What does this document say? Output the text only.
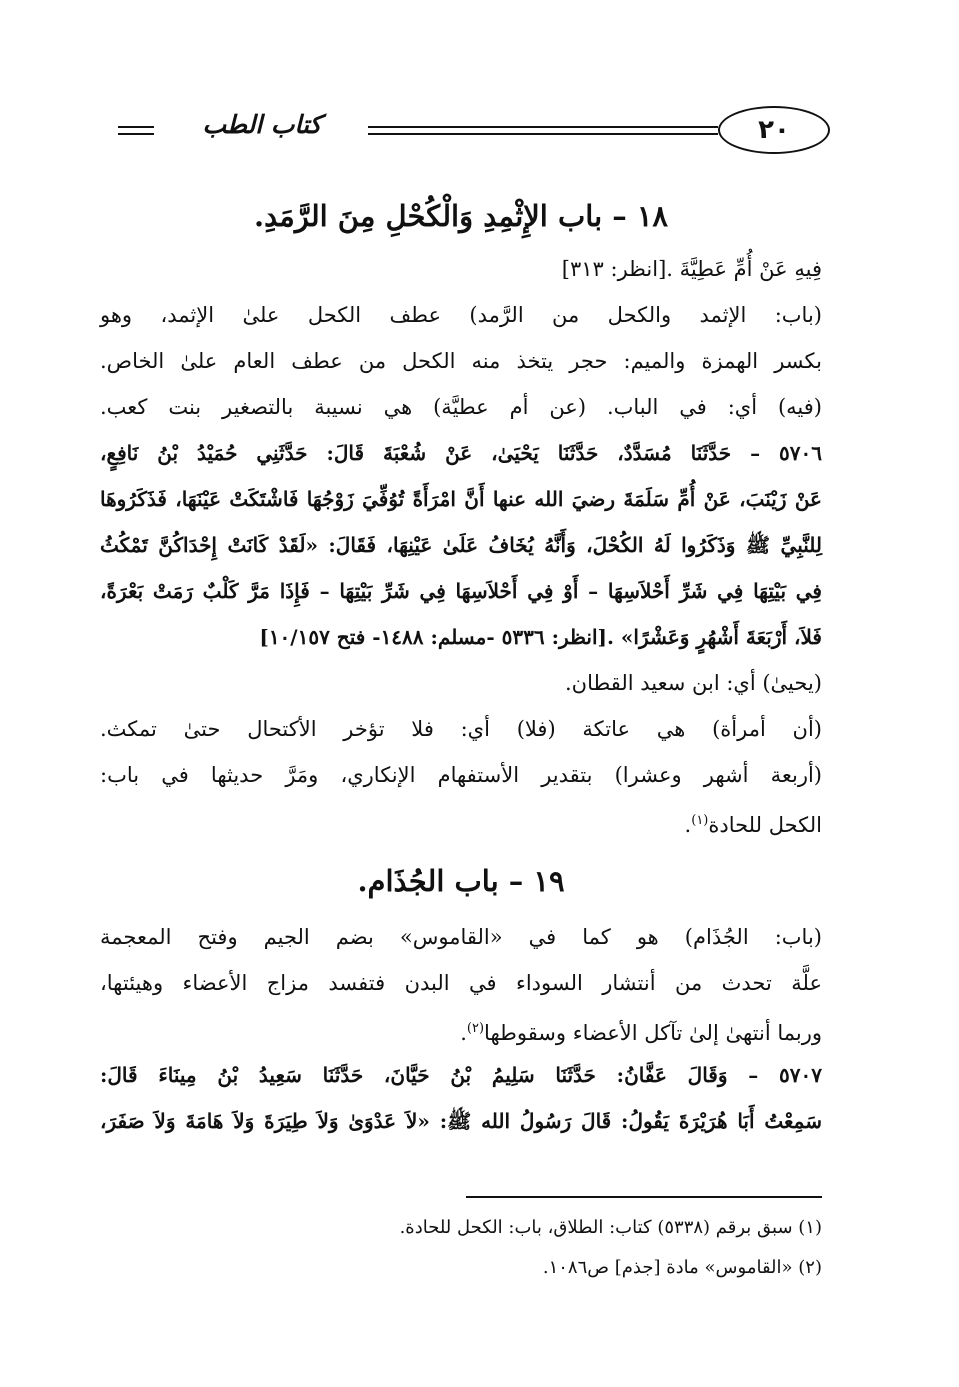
٢٠
كتاب الطب
١٨ – باب الإِثْمِدِ وَالْكُحْلِ مِنَ الرَّمَدِ.
فِيهِ عَنْ أُمِّ عَطِيَّةَ .[انظر: ٣١٣]
(باب: الإثمد والكحل من الرَّمد) عطف الكحل علىٰ الإثمد، وهو
بكسر الهمزة والميم: حجر يتخذ منه الكحل من عطف العام علىٰ الخاص.
(فيه) أي: في الباب. (عن أم عطيَّة) هي نسيبة بالتصغير بنت كعب.
٥٧٠٦ – حَدَّثَنَا مُسَدَّدٌ، حَدَّثَنَا يَحْيَىٰ، عَنْ شُعْبَةَ قَالَ: حَدَّثَنِي حُمَيْدُ بْنُ نَافِعٍ،
عَنْ زَيْنَبَ، عَنْ أُمِّ سَلَمَةَ رضيَ الله عنها أَنَّ امْرَأَةً تُوُفِّيَ زَوْجُهَا فَاشْتَكَتْ عَيْنَهَا، فَذَكَرُوهَا
لِلنَّبِيِّ ﷺ وَذَكَرُوا لَهُ الكُحْلَ، وَأَنَّهُ يُخَافُ عَلَىٰ عَيْنِهَا، فَقَالَ: «لَقَدْ كَانَتْ إِحْدَاكُنَّ تَمْكُثُ
فِي بَيْتِهَا فِي شَرِّ أَحْلاَسِهَا – أَوْ فِي أَحْلاَسِهَا فِي شَرِّ بَيْتِهَا – فَإِذَا مَرَّ كَلْبٌ رَمَتْ بَعْرَةً،
فَلاَ، أَرْبَعَةَ أَشْهُرٍ وَعَشْرًا» .[انظر: ٥٣٣٦ -مسلم: ١٤٨٨- فتح ١٠/١٥٧]
(يحيىٰ) أي: ابن سعيد القطان.
(أن أمرأة) هي عاتكة (فلا) أي: فلا تؤخر الأكتحال حتىٰ تمكث.
(أربعة أشهر وعشرا) بتقدير الأستفهام الإنكاري، ومَرَّ حديثها في باب:
الكحل للحادة$^{(١)}$.
١٩ – باب الجُذَام.
(باب: الجُذَام) هو كما في «القاموس» بضم الجيم وفتح المعجمة
علَّة تحدث من أنتشار السوداء في البدن فتفسد مزاج الأعضاء وهيئتها،
وربما أنتهىٰ إلىٰ تآكل الأعضاء وسقوطها$^{(٢)}$.
٥٧٠٧ – وَقَالَ عَفَّانُ: حَدَّثَنَا سَلِيمُ بْنُ حَيَّانَ، حَدَّثَنَا سَعِيدُ بْنُ مِينَاءَ قَالَ:
سَمِعْتُ أَبَا هُرَيْرَةَ يَقُولُ: قَالَ رَسُولُ الله ﷺ: «لاَ عَدْوَىٰ وَلاَ طِيَرَةَ وَلاَ هَامَةَ وَلاَ صَفَرَ،
(١) سبق برقم (٥٣٣٨) كتاب: الطلاق، باب: الكحل للحادة.
(٢) «القاموس» مادة [جذم] ص١٠٨٦.
